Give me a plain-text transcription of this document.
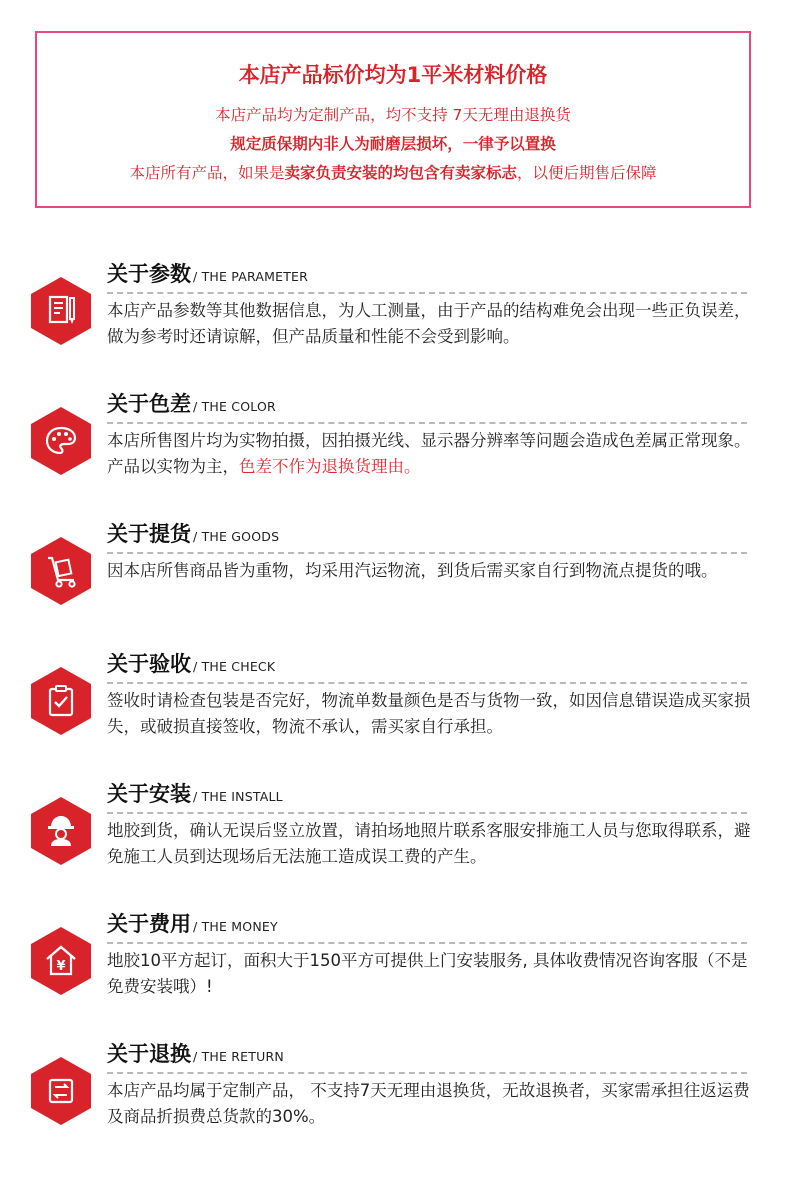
本店产品标价均为1平米材料价格
本店产品均为定制产品，均不支持 7天无理由退换货
规定质保期内非人为耐磨层损坏，一律予以置换
本店所有产品，如果是卖家负责安装的均包含有卖家标志，以便后期售后保障
关于参数 / THE PARAMETER
本店产品参数等其他数据信息，为人工测量，由于产品的结构难免会出现一些正负误差，做为参考时还请谅解，但产品质量和性能不会受到影响。
关于色差 / THE COLOR
本店所售图片均为实物拍摄，因拍摄光线、显示器分辨率等问题会造成色差属正常现象。产品以实物为主，色差不作为退换货理由。
关于提货 / THE GOODS
因本店所售商品皆为重物，均采用汽运物流，到货后需买家自行到物流点提货的哦。
关于验收 / THE CHECK
签收时请检查包装是否完好，物流单数量颜色是否与货物一致，如因信息错误造成买家损失，或破损直接签收，物流不承认，需买家自行承担。
关于安装 / THE INSTALL
地胶到货，确认无误后竖立放置，请拍场地照片联系客服安排施工人员与您取得联系，避免施工人员到达现场后无法施工造成误工费的产生。
¥
关于费用 / THE MONEY
地胶10平方起订，面积大于150平方可提供上门安装服务, 具体收费情况咨询客服（不是免费安装哦）!
关于退换 / THE RETURN
本店产品均属于定制产品， 不支持7天无理由退换货，无故退换者，买家需承担往返运费及商品折损费总货款的30%。
